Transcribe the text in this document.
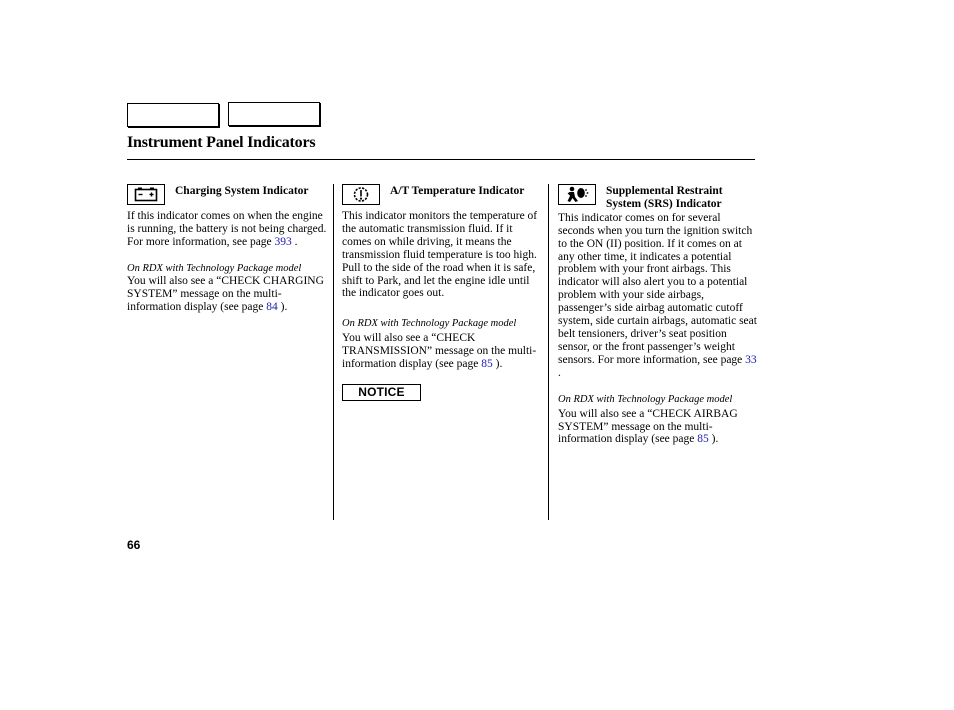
Instrument Panel Indicators
Charging System Indicator

If this indicator comes on when the engine is running, the battery is not being charged. For more information, see page 393 .

On RDX with Technology Package model

You will also see a “CHECK CHARGING SYSTEM” message on the multi-information display (see page 84 ).

A/T Temperature Indicator

This indicator monitors the temperature of the automatic transmission fluid. If it comes on while driving, it means the transmission fluid temperature is too high. Pull to the side of the road when it is safe, shift to Park, and let the engine idle until the indicator goes out.

On RDX with Technology Package model

You will also see a “CHECK TRANSMISSION” message on the multi-information display (see page 85 ).

NOTICE
Supplemental Restraint System (SRS) Indicator

This indicator comes on for several seconds when you turn the ignition switch to the ON (II) position. If it comes on at any other time, it indicates a potential problem with your front airbags. This indicator will also alert you to a potential problem with your side airbags, passenger’s side airbag automatic cutoff system, side curtain airbags, automatic seat belt tensioners, driver’s seat position sensor, or the front passenger’s weight sensors. For more information, see page 33 .

On RDX with Technology Package model

You will also see a “CHECK AIRBAG SYSTEM” message on the multi-information display (see page 85 ).

66
